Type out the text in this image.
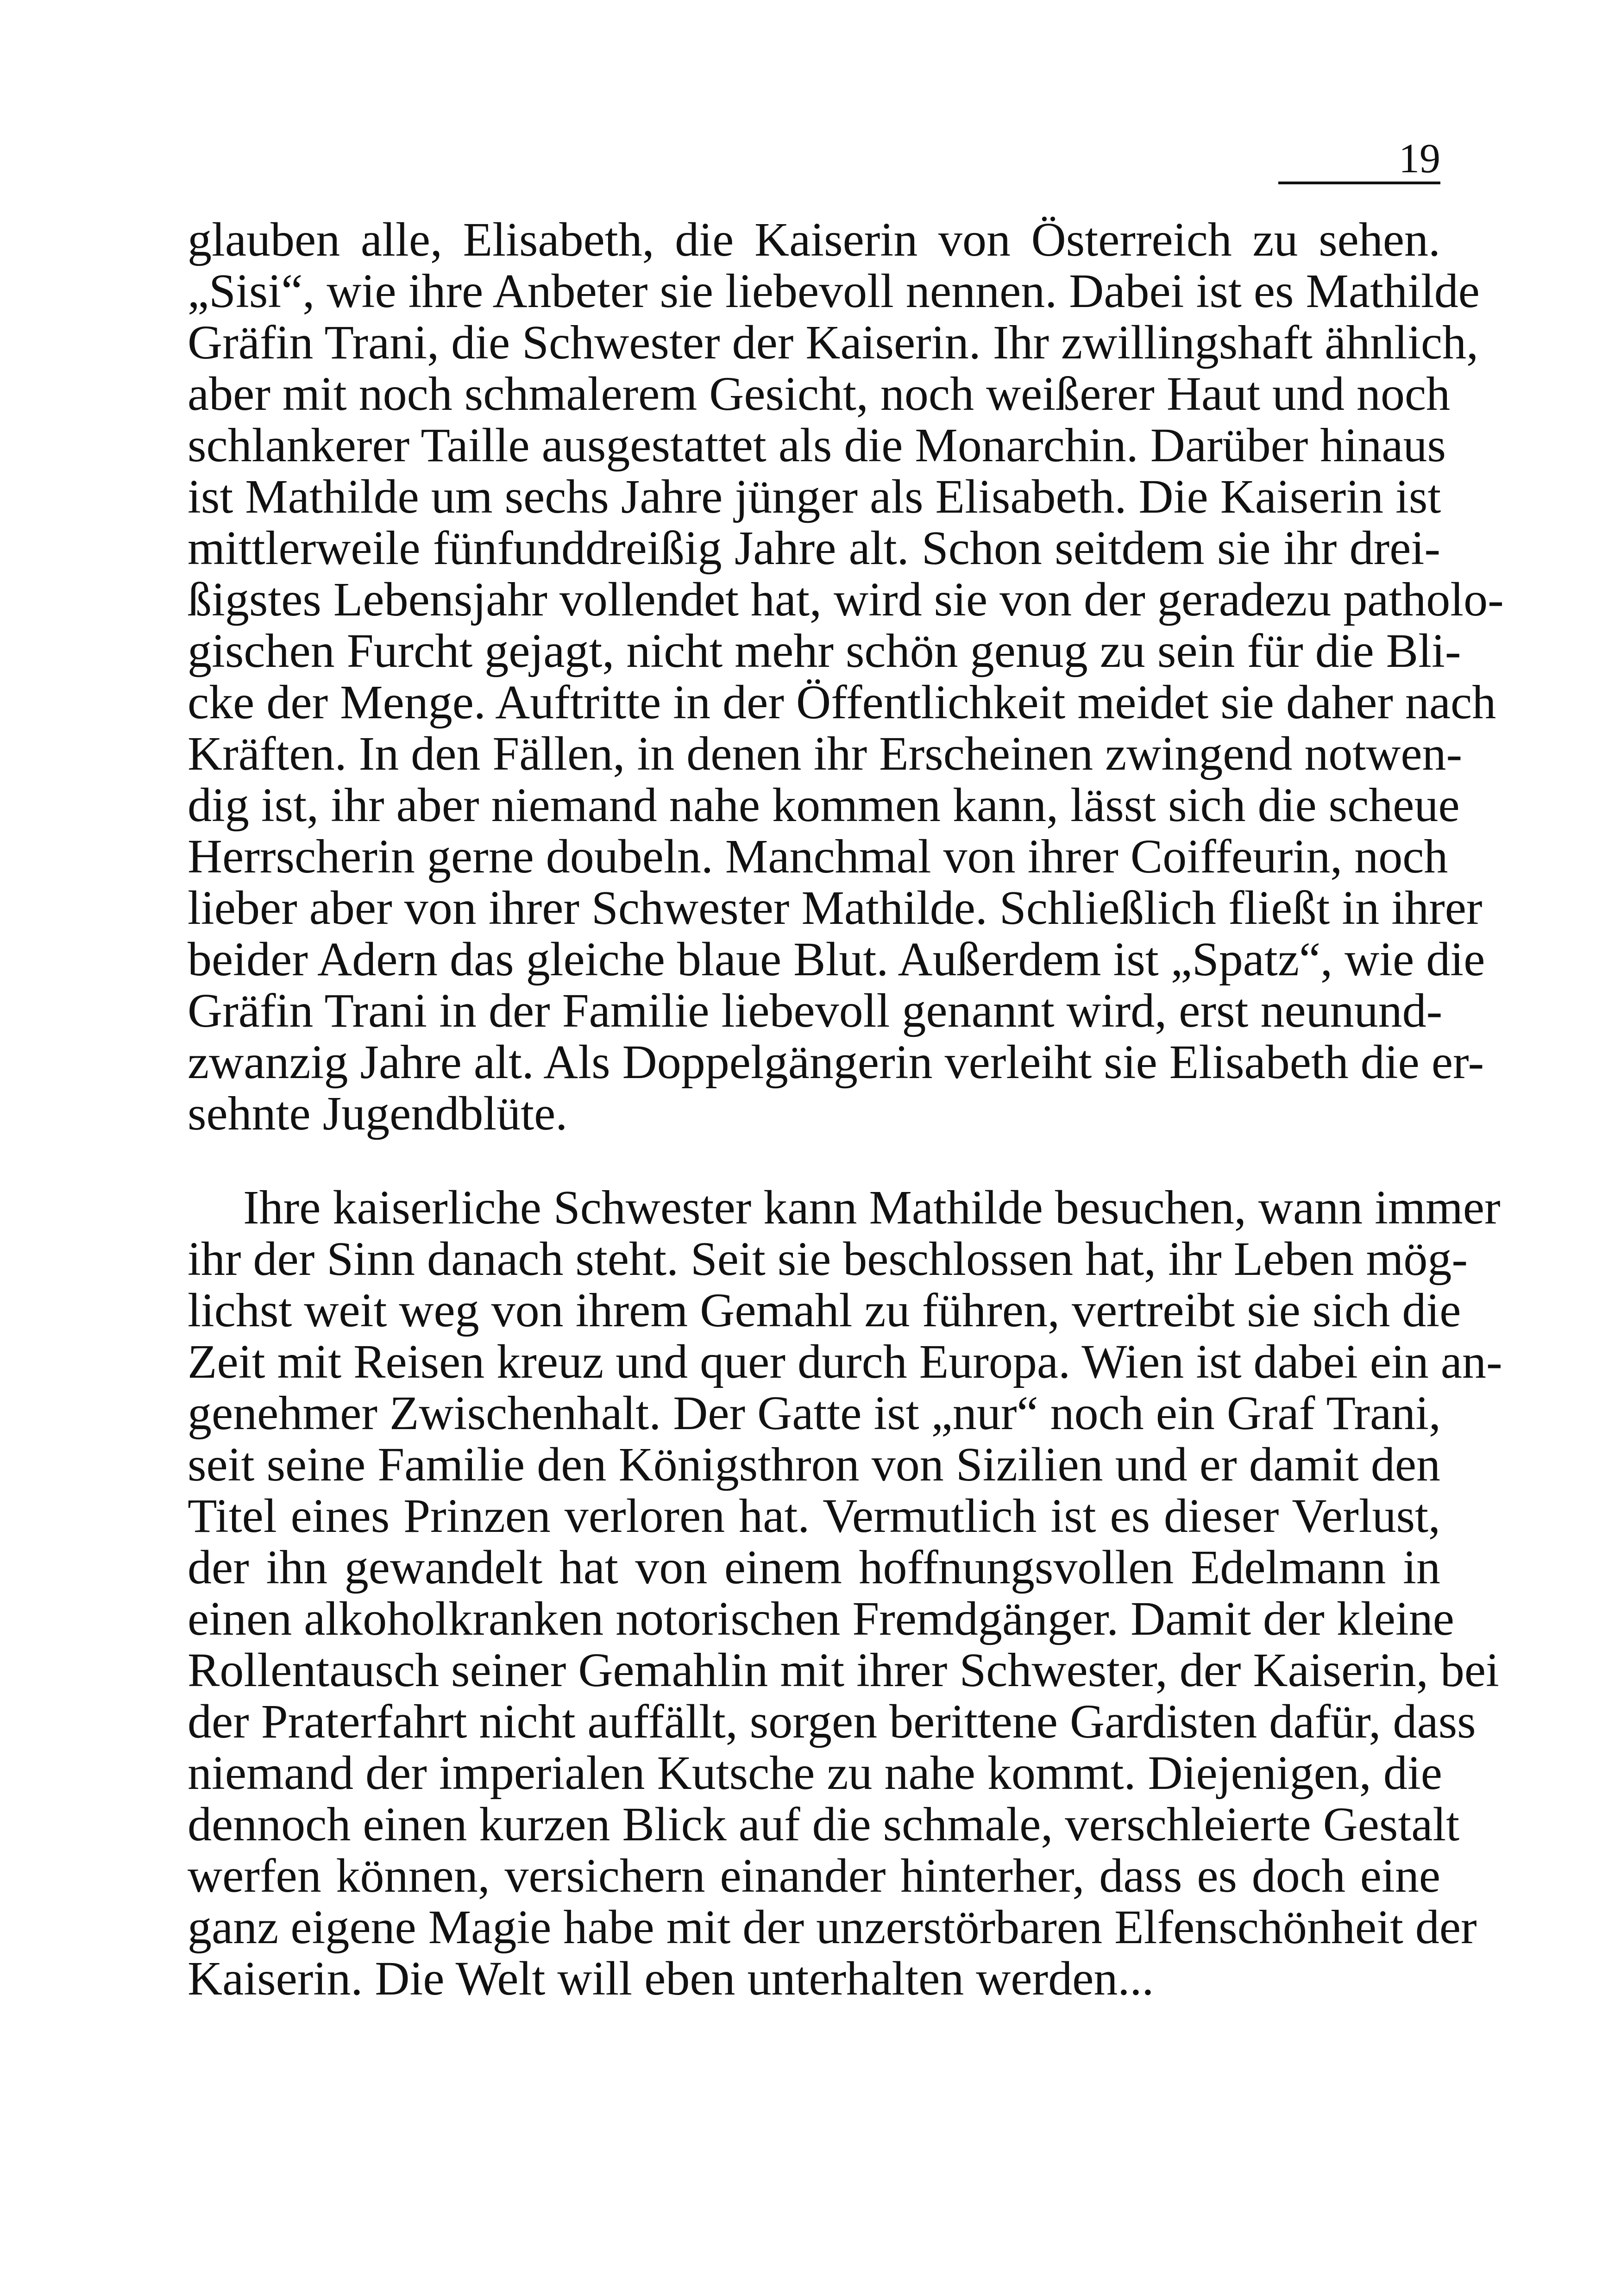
19
glauben alle, Elisabeth, die Kaiserin von Österreich zu sehen.
„Sisi“, wie ihre Anbeter sie liebevoll nennen. Dabei ist es Mathilde
Gräfin Trani, die Schwester der Kaiserin. Ihr zwillingshaft ähnlich,
aber mit noch schmalerem Gesicht, noch weißerer Haut und noch
schlankerer Taille ausgestattet als die Monarchin. Darüber hinaus
ist Mathilde um sechs Jahre jünger als Elisabeth. Die Kaiserin ist
mittlerweile fünfunddreißig Jahre alt. Schon seitdem sie ihr drei-
ßigstes Lebensjahr vollendet hat, wird sie von der geradezu patholo-
gischen Furcht gejagt, nicht mehr schön genug zu sein für die Bli-
cke der Menge. Auftritte in der Öffentlichkeit meidet sie daher nach
Kräften. In den Fällen, in denen ihr Erscheinen zwingend notwen-
dig ist, ihr aber niemand nahe kommen kann, lässt sich die scheue
Herrscherin gerne doubeln. Manchmal von ihrer Coiffeurin, noch
lieber aber von ihrer Schwester Mathilde. Schließlich fließt in ihrer
beider Adern das gleiche blaue Blut. Außerdem ist „Spatz“, wie die
Gräfin Trani in der Familie liebevoll genannt wird, erst neunund-
zwanzig Jahre alt. Als Doppelgängerin verleiht sie Elisabeth die er-
sehnte Jugendblüte.
Ihre kaiserliche Schwester kann Mathilde besuchen, wann immer
ihr der Sinn danach steht. Seit sie beschlossen hat, ihr Leben mög-
lichst weit weg von ihrem Gemahl zu führen, vertreibt sie sich die
Zeit mit Reisen kreuz und quer durch Europa. Wien ist dabei ein an-
genehmer Zwischenhalt. Der Gatte ist „nur“ noch ein Graf Trani,
seit seine Familie den Königsthron von Sizilien und er damit den
Titel eines Prinzen verloren hat. Vermutlich ist es dieser Verlust,
der ihn gewandelt hat von einem hoffnungsvollen Edelmann in
einen alkoholkranken notorischen Fremdgänger. Damit der kleine
Rollentausch seiner Gemahlin mit ihrer Schwester, der Kaiserin, bei
der Praterfahrt nicht auffällt, sorgen berittene Gardisten dafür, dass
niemand der imperialen Kutsche zu nahe kommt. Diejenigen, die
dennoch einen kurzen Blick auf die schmale, verschleierte Gestalt
werfen können, versichern einander hinterher, dass es doch eine
ganz eigene Magie habe mit der unzerstörbaren Elfenschönheit der
Kaiserin. Die Welt will eben unterhalten werden...
